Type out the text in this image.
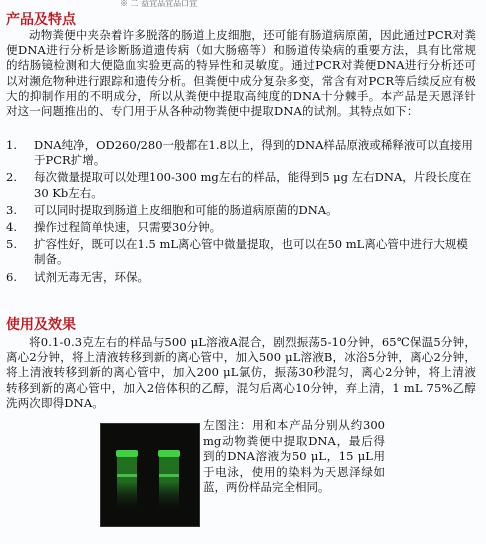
※ 二 益宜品宜品口宜
产品及特点

动物粪便中夹杂着许多脱落的肠道上皮细胞，还可能有肠道病原菌，因此通过PCR对粪便DNA进行分析是诊断肠道遗传病（如大肠癌等）和肠道传染病的重要方法，具有比常规的结肠镜检测和大便隐血实验更高的特异性和灵敏度。通过PCR对粪便DNA进行分析还可以对濒危物种进行跟踪和遗传分析。但粪便中成分复杂多变，常含有对PCR等后续反应有极大的抑制作用的不明成分，所以从粪便中提取高纯度的DNA十分棘手。本产品是天恩泽针对这一问题推出的、专门用于从各种动物粪便中提取DNA的试剂。其特点如下：

1. DNA纯净，OD260/280一般都在1.8以上，得到的DNA样品原液或稀释液可以直接用于PCR扩增。
2. 每次微量提取可以处理100-300 mg左右的样品，能得到5 μg 左右DNA，片段长度在30 Kb左右。
3. 可以同时提取到肠道上皮细胞和可能的肠道病原菌的DNA。
4. 操作过程简单快速，只需要30分钟。
5. 扩容性好，既可以在1.5 mL离心管中微量提取，也可以在50 mL离心管中进行大规模制备。
6. 试剂无毒无害，环保。
使用及效果

将0.1-0.3克左右的样品与500 μL溶液A混合，剧烈振荡5-10分钟，65℃保温5分钟，离心2分钟，将上清液转移到新的离心管中，加入500 μL溶液B，冰浴5分钟，离心2分钟，将上清液转移到新的离心管中，加入200 μL氯仿，振荡30秒混匀，离心2分钟，将上清液转移到新的离心管中，加入2倍体积的乙醇，混匀后离心10分钟，弃上清，1 mL 75%乙醇洗两次即得DNA。

左图注：用和本产品分别从约300 mg动物粪便中提取DNA，最后得到的DNA溶液为50 μL，15 μL用于电泳，使用的染料为天恩泽绿如蓝，两份样品完全相同。
